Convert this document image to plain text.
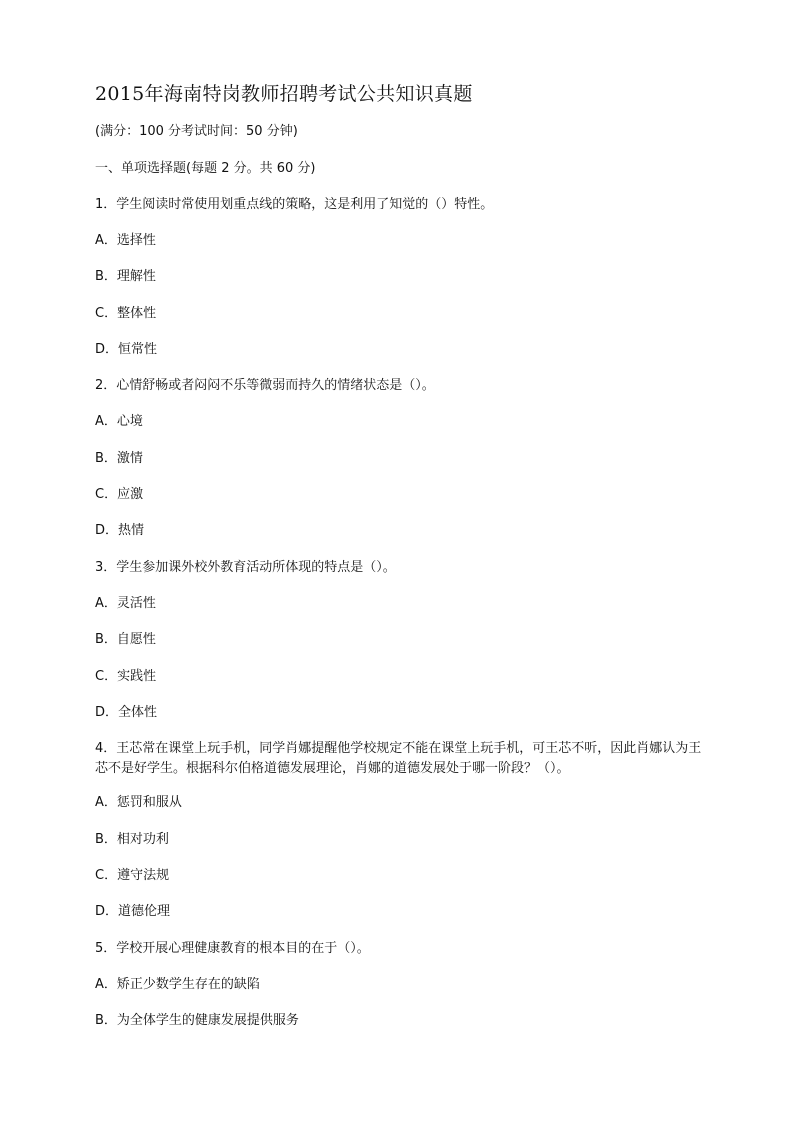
2015年海南特岗教师招聘考试公共知识真题
(满分：100 分考试时间：50 分钟)
一、单项选择题(每题 2 分。共 60 分)
1．学生阅读时常使用划重点线的策略，这是利用了知觉的（）特性。
A．选择性
B．理解性
C．整体性
D．恒常性
2．心情舒畅或者闷闷不乐等微弱而持久的情绪状态是（）。
A．心境
B．激情
C．应激
D．热情
3．学生参加课外校外教育活动所体现的特点是（）。
A．灵活性
B．自愿性
C．实践性
D．全体性
4．王芯常在课堂上玩手机，同学肖娜提醒他学校规定不能在课堂上玩手机，可王芯不听，因此肖娜认为王芯不是好学生。根据科尔伯格道德发展理论，肖娜的道德发展处于哪一阶段？（）。
A．惩罚和服从
B．相对功利
C．遵守法规
D．道德伦理
5．学校开展心理健康教育的根本目的在于（）。
A．矫正少数学生存在的缺陷
B．为全体学生的健康发展提供服务
